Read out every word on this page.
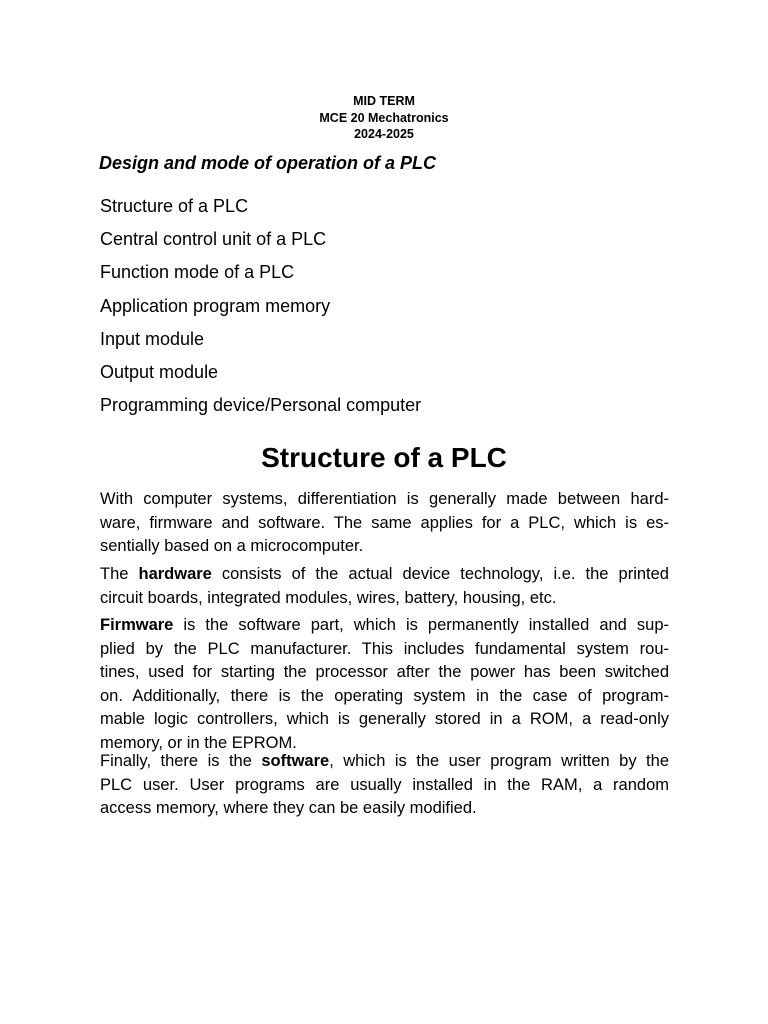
MID TERM
MCE 20 Mechatronics
2024-2025
Design and mode of operation of a PLC
Structure of a PLC
Central control unit of a PLC
Function mode of a PLC
Application program memory
Input module
Output module
Programming device/Personal computer
Structure of a PLC
With computer systems, differentiation is generally made between hard-
ware, firmware and software. The same applies for a PLC, which is es-
sentially based on a microcomputer.
The hardware consists of the actual device technology, i.e. the printed
circuit boards, integrated modules, wires, battery, housing, etc.
Firmware is the software part, which is permanently installed and sup-
plied by the PLC manufacturer. This includes fundamental system rou-
tines, used for starting the processor after the power has been switched
on. Additionally, there is the operating system in the case of program-
mable logic controllers, which is generally stored in a ROM, a read-only
memory, or in the EPROM.
Finally, there is the software, which is the user program written by the
PLC user. User programs are usually installed in the RAM, a random
access memory, where they can be easily modified.
